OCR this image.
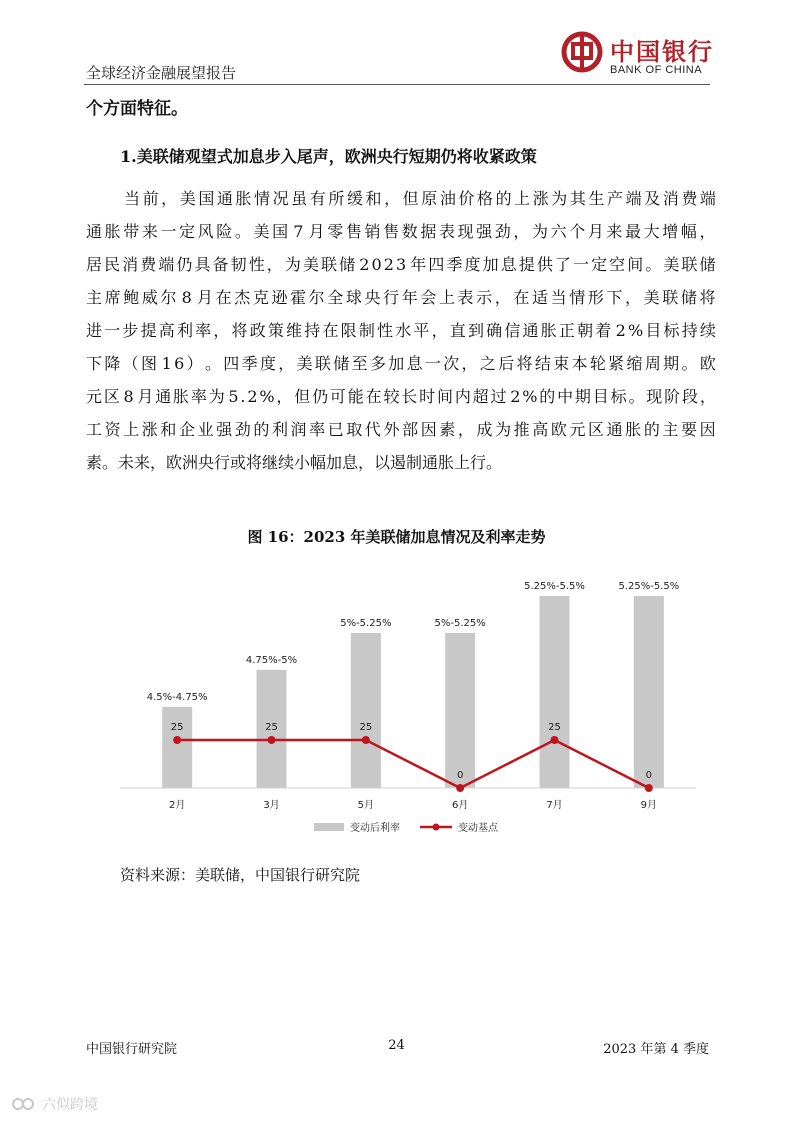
全球经济金融展望报告
中国银行
BANK OF CHINA
个方面特征。
1.美联储观望式加息步入尾声，欧洲央行短期仍将收紧政策
当 前 ， 美 国 通 胀 情 况 虽 有 所 缓 和 ， 但 原 油 价 格 的 上 涨 为 其 生 产 端 及 消 费 端
通 胀 带 来 一 定 风 险 。 美 国 7 月 零 售 销 售 数 据 表 现 强 劲 ， 为 六 个 月 来 最 大 增 幅 ，
居 民 消 费 端 仍 具 备 韧 性 ， 为 美 联 储 2 0 2 3 年 四 季 度 加 息 提 供 了 一 定 空 间 。 美 联 储
主 席 鲍 威 尔 8 月 在 杰 克 逊 霍 尔 全 球 央 行 年 会 上 表 示 ， 在 适 当 情 形 下 ， 美 联 储 将
进 一 步 提 高 利 率 ， 将 政 策 维 持 在 限 制 性 水 平 ， 直 到 确 信 通 胀 正 朝 着 2 % 目 标 持 续
下 降 （ 图 1 6 ） 。 四 季 度 ， 美 联 储 至 多 加 息 一 次 ， 之 后 将 结 束 本 轮 紧 缩 周 期 。 欧
元 区 8 月 通 胀 率 为 5 . 2 % ， 但 仍 可 能 在 较 长 时 间 内 超 过 2 % 的 中 期 目 标 。 现 阶 段 ，
工 资 上 涨 和 企 业 强 劲 的 利 润 率 已 取 代 外 部 因 素 ， 成 为 推 高 欧 元 区 通 胀 的 主 要 因
素。未来，欧洲央行或将继续小幅加息，以遏制通胀上行。
图 16：2023 年美联储加息情况及利率走势
4.5%-4.75%
4.75%-5%
5%-5.25%	5%-5.25%
5.25%-5.5%	5.25%-5.5%
25	25	25
0
25
0
2月	3月	5月	6月	7月	9月
变动后利率	变动基点
资料来源：美联储，中国银行研究院
中国银行研究院	24	2023 年第 4 季度
六似跨境
